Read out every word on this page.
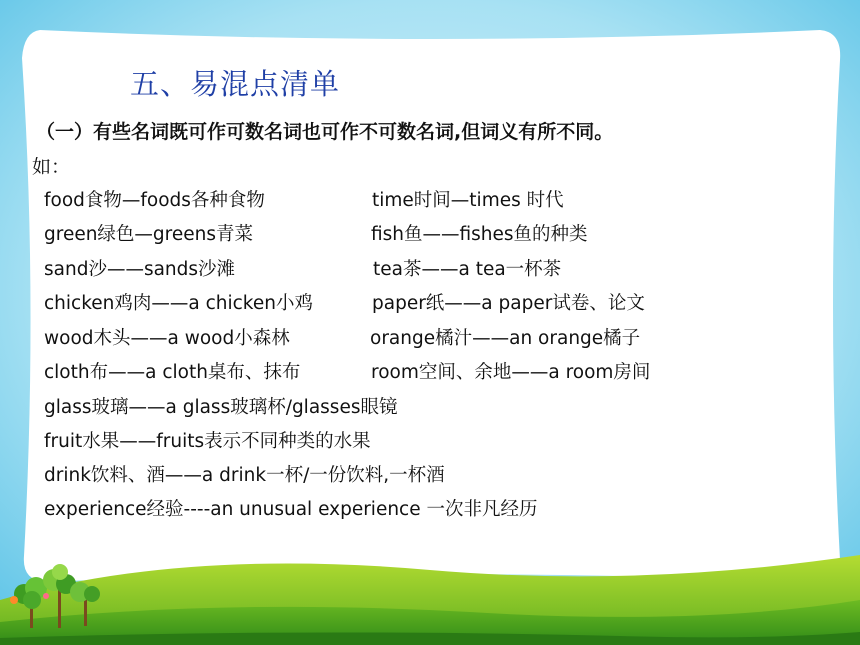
五、易混点清单
（一）有些名词既可作可数名词也可作不可数名词,但词义有所不同。
如：
food食物—foods各种食物	time时间—times 时代
green绿色—greens青菜	fish鱼——fishes鱼的种类
sand沙——sands沙滩	tea茶——a tea一杯茶
chicken鸡肉——a chicken小鸡	paper纸——a paper试卷、论文
wood木头——a wood小森林	orange橘汁——an orange橘子
cloth布——a cloth桌布、抹布	room空间、余地——a room房间
glass玻璃——a glass玻璃杯/glasses眼镜
fruit水果——fruits表示不同种类的水果
drink饮料、酒——a drink一杯/一份饮料,一杯酒
experience经验----an unusual experience 一次非凡经历
